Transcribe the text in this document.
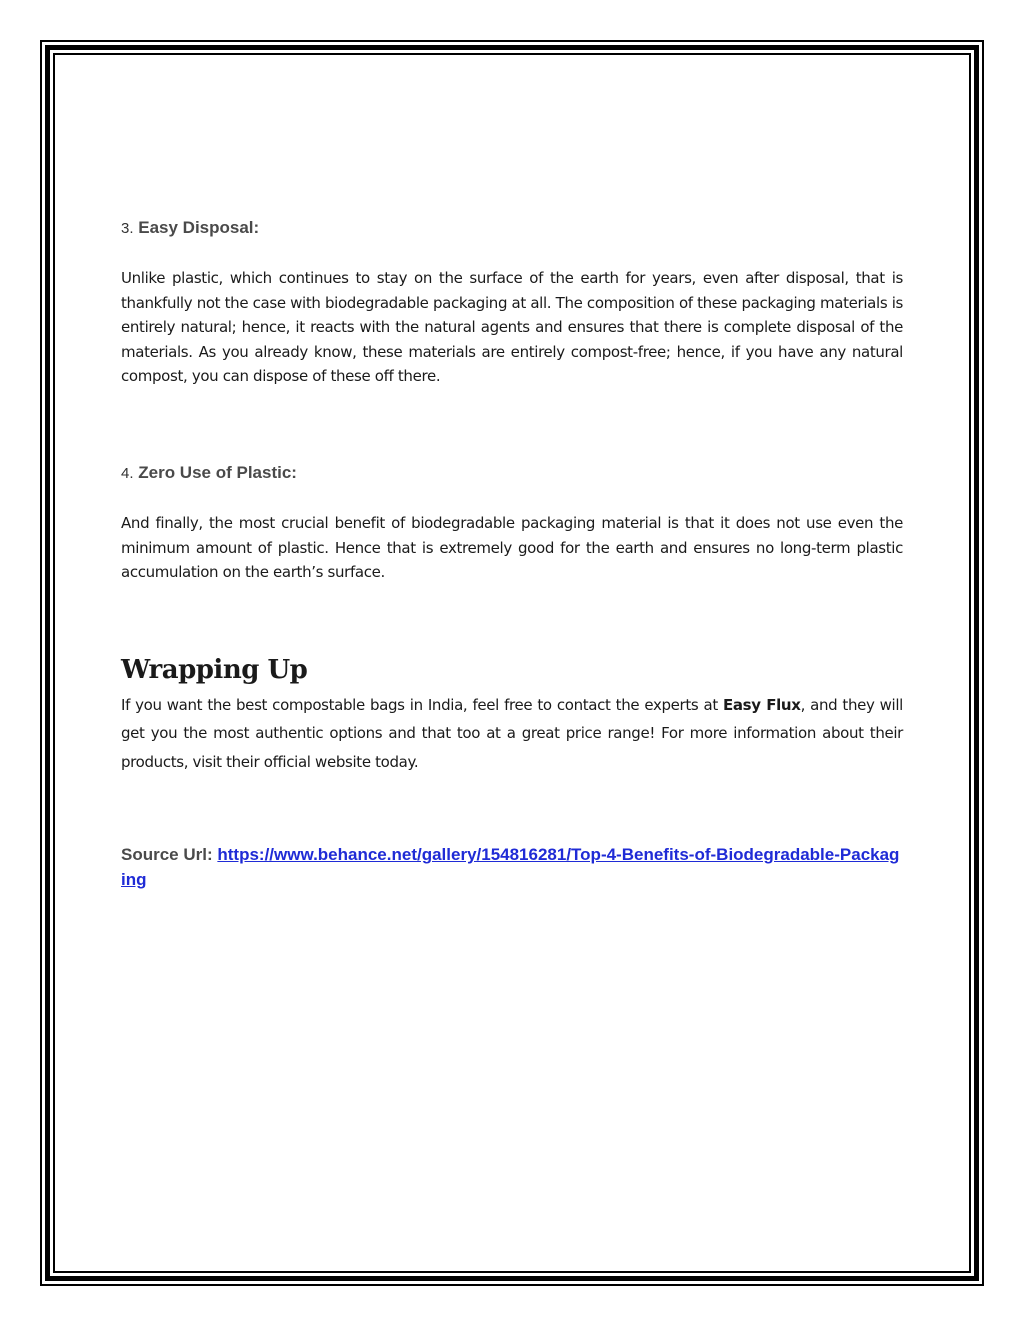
3. Easy Disposal:

Unlike plastic, which continues to stay on the surface of the earth for years, even after disposal, that is thankfully not the case with biodegradable packaging at all. The composition of these packaging materials is entirely natural; hence, it reacts with the natural agents and ensures that there is complete disposal of the materials. As you already know, these materials are entirely compost-free; hence, if you have any natural compost, you can dispose of these off there.

4. Zero Use of Plastic:

And finally, the most crucial benefit of biodegradable packaging material is that it does not use even the minimum amount of plastic. Hence that is extremely good for the earth and ensures no long-term plastic accumulation on the earth’s surface.

Wrapping Up

If you want the best compostable bags in India, feel free to contact the experts at Easy Flux, and they will get you the most authentic options and that too at a great price range! For more information about their products, visit their official website today.

Source Url: https://www.behance.net/gallery/154816281/Top-4-Benefits-of-Biodegradable-Packaging
